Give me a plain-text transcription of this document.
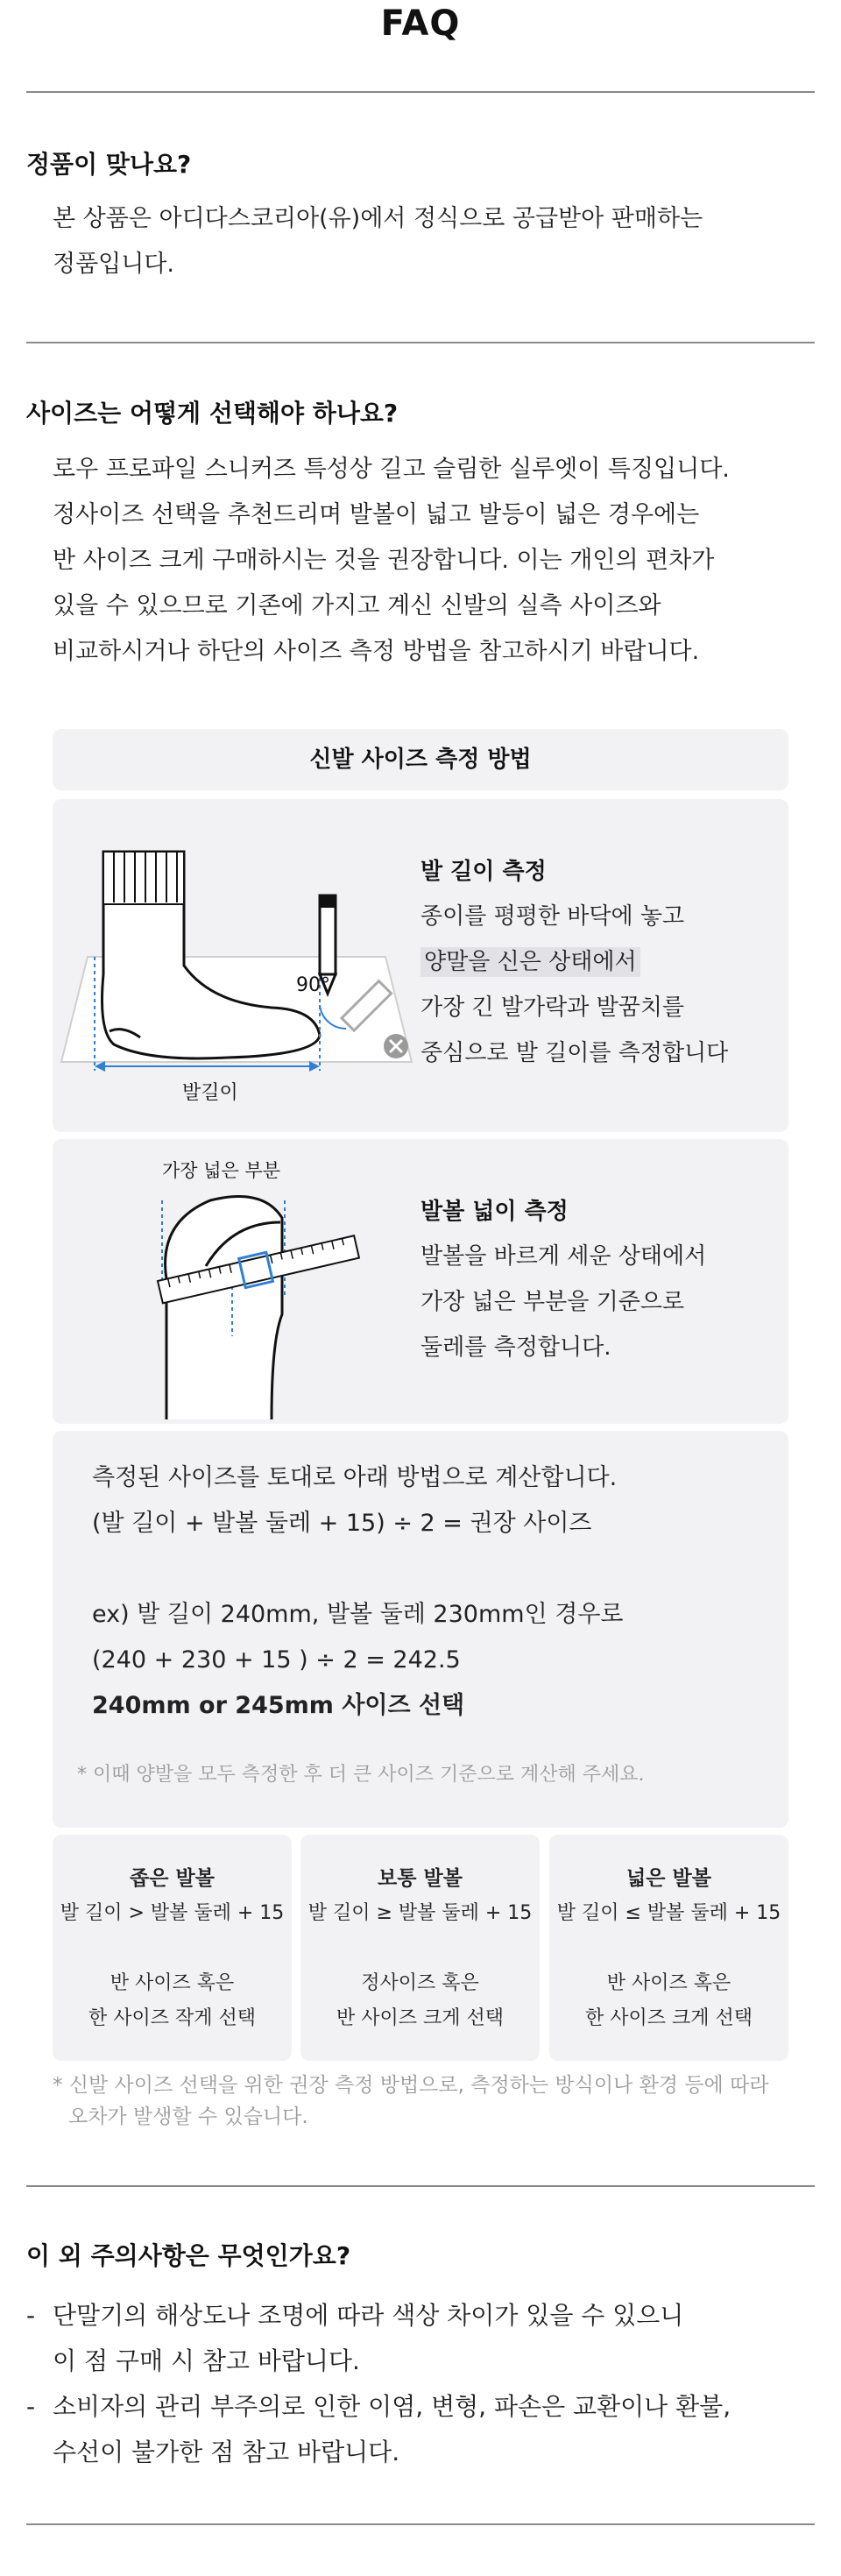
FAQ
정품이 맞나요?
본 상품은 아디다스코리아(유)에서 정식으로 공급받아 판매하는
정품입니다.
사이즈는 어떻게 선택해야 하나요?
로우 프로파일 스니커즈 특성상 길고 슬림한 실루엣이 특징입니다.
정사이즈 선택을 추천드리며 발볼이 넓고 발등이 넓은 경우에는
반 사이즈 크게 구매하시는 것을 권장합니다. 이는 개인의 편차가
있을 수 있으므로 기존에 가지고 계신 신발의 실측 사이즈와
비교하시거나 하단의 사이즈 측정 방법을 참고하시기 바랍니다.
신발 사이즈 측정 방법
90°
발길이
발 길이 측정
종이를 평평한 바닥에 놓고
양말을 신은 상태에서
가장 긴 발가락과 발꿈치를
중심으로 발 길이를 측정합니다
가장 넓은 부분
발볼 넓이 측정
발볼을 바르게 세운 상태에서
가장 넓은 부분을 기준으로
둘레를 측정합니다.
측정된 사이즈를 토대로 아래 방법으로 계산합니다.
(발 길이 + 발볼 둘레 + 15) ÷ 2 = 권장 사이즈
ex) 발 길이 240mm, 발볼 둘레 230mm인 경우로
(240 + 230 + 15 ) ÷ 2 = 242.5
240mm or 245mm 사이즈 선택
* 이때 양발을 모두 측정한 후 더 큰 사이즈 기준으로 계산해 주세요.
좁은 발볼
발 길이 > 발볼 둘레 + 15
반 사이즈 혹은
한 사이즈 작게 선택
보통 발볼
발 길이 ≥ 발볼 둘레 + 15
정사이즈 혹은
반 사이즈 크게 선택
넓은 발볼
발 길이 ≤ 발볼 둘레 + 15
반 사이즈 혹은
한 사이즈 크게 선택
* 신발 사이즈 선택을 위한 권장 측정 방법으로, 측정하는 방식이나 환경 등에 따라
오차가 발생할 수 있습니다.
이 외 주의사항은 무엇인가요?
- 단말기의 해상도나 조명에 따라 색상 차이가 있을 수 있으니
이 점 구매 시 참고 바랍니다.
- 소비자의 관리 부주의로 인한 이염, 변형, 파손은 교환이나 환불,
수선이 불가한 점 참고 바랍니다.
